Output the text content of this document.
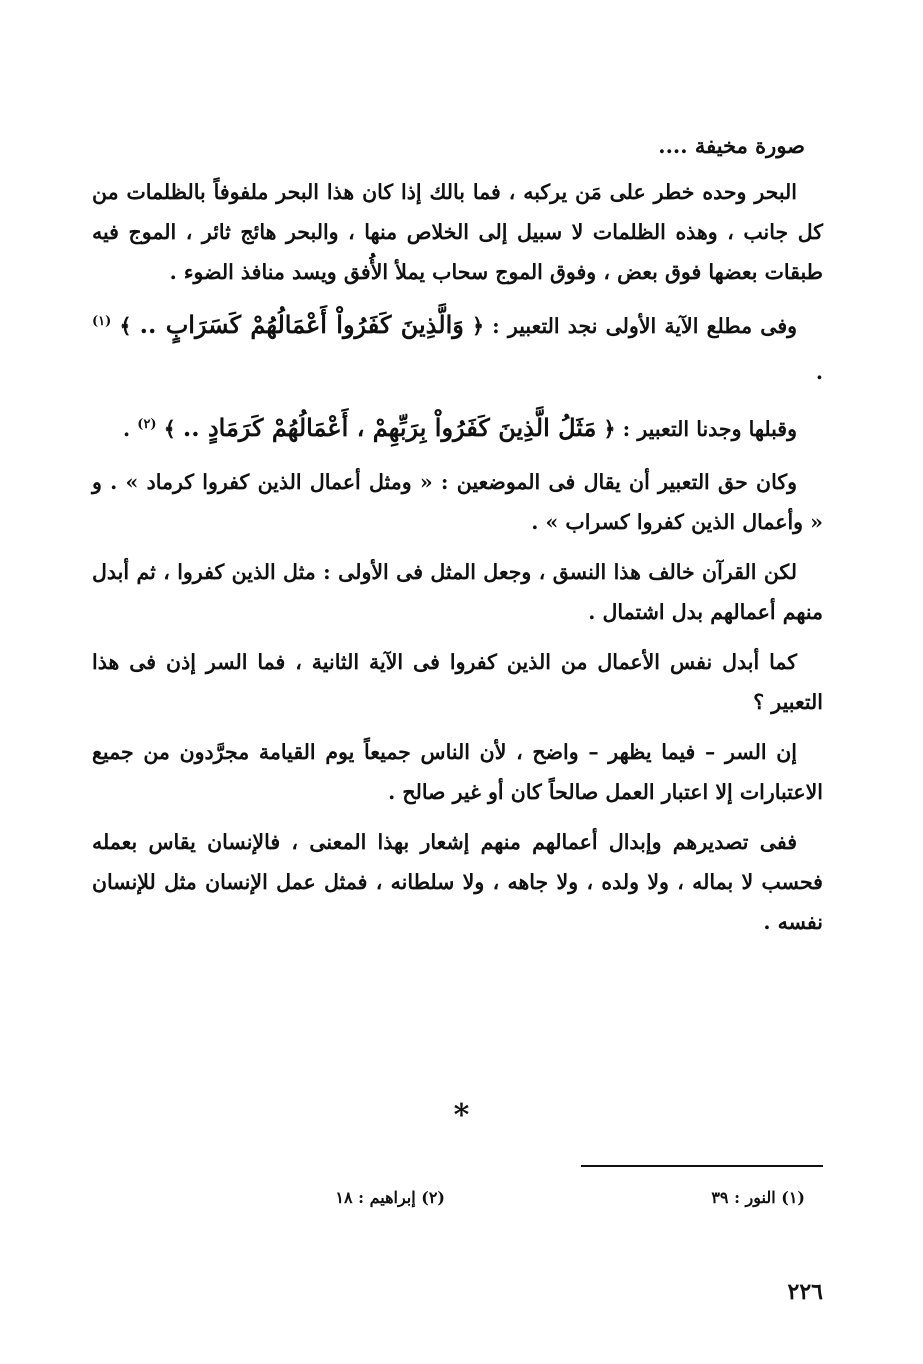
صورة مخيفة ....

البحر وحده خطر على مَن يركبه ، فما بالك إذا كان هذا البحر ملفوفاً بالظلمات من كل جانب ، وهذه الظلمات لا سبيل إلى الخلاص منها ، والبحر هائج ثائر ، الموج فيه طبقات بعضها فوق بعض ، وفوق الموج سحاب يملأ الأُفق ويسد منافذ الضوء .

وفى مطلع الآية الأولى نجد التعبير : ﴿ وَالَّذِينَ كَفَرُواْ أَعْمَالُهُمْ كَسَرَابٍ .. ﴾ $^{(١)}$ .

وقبلها وجدنا التعبير : ﴿ مَثَلُ الَّذِينَ كَفَرُواْ بِرَبِّهِمْ ، أَعْمَالُهُمْ كَرَمَادٍ .. ﴾ $^{(٢)}$ .

وكان حق التعبير أن يقال فى الموضعين : « ومثل أعمال الذين كفروا كرماد » . و « وأعمال الذين كفروا كسراب » .

لكن القرآن خالف هذا النسق ، وجعل المثل فى الأولى : مثل الذين كفروا ، ثم أبدل منهم أعمالهم بدل اشتمال .

كما أبدل نفس الأعمال من الذين كفروا فى الآية الثانية ، فما السر إذن فى هذا التعبير ؟

إن السر – فيما يظهر – واضح ، لأن الناس جميعاً يوم القيامة مجرَّدون من جميع الاعتبارات إلا اعتبار العمل صالحاً كان أو غير صالح .

ففى تصديرهم وإبدال أعمالهم منهم إشعار بهذا المعنى ، فالإنسان يقاس بعمله فحسب لا بماله ، ولا ولده ، ولا جاهه ، ولا سلطانه ، فمثل عمل الإنسان مثل للإنسان نفسه .

*
(١) النور : ٣٩
(٢) إبراهيم : ١٨
٢٢٦
